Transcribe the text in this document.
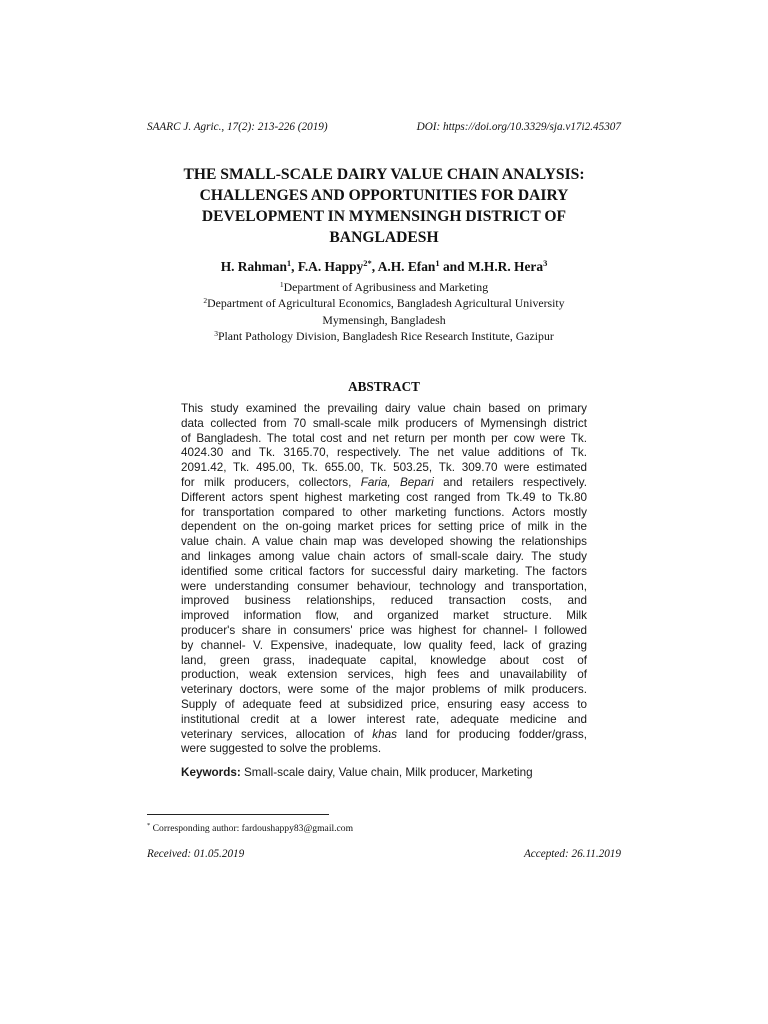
SAARC J. Agric., 17(2): 213-226 (2019)	DOI: https://doi.org/10.3329/sja.v17i2.45307
THE SMALL-SCALE DAIRY VALUE CHAIN ANALYSIS:
CHALLENGES AND OPPORTUNITIES FOR DAIRY
DEVELOPMENT IN MYMENSINGH DISTRICT OF
BANGLADESH
H. Rahman$^1$, F.A. Happy$^{2*}$, A.H. Efan$^1$ and M.H.R. Hera$^3$
$^1$Department of Agribusiness and Marketing
$^2$Department of Agricultural Economics, Bangladesh Agricultural University
Mymensingh, Bangladesh
$^3$Plant Pathology Division, Bangladesh Rice Research Institute, Gazipur
ABSTRACT
This study examined the prevailing dairy value chain based on primary
data collected from 70 small-scale milk producers of Mymensingh district
of Bangladesh. The total cost and net return per month per cow were Tk.
4024.30 and Tk. 3165.70, respectively. The net value additions of Tk.
2091.42, Tk. 495.00, Tk. 655.00, Tk. 503.25, Tk. 309.70 were estimated
for milk producers, collectors, Faria, Bepari and retailers respectively.
Different actors spent highest marketing cost ranged from Tk.49 to Tk.80
for transportation compared to other marketing functions. Actors mostly
dependent on the on-going market prices for setting price of milk in the
value chain. A value chain map was developed showing the relationships
and linkages among value chain actors of small-scale dairy. The study
identified some critical factors for successful dairy marketing. The factors
were understanding consumer behaviour, technology and transportation,
improved business relationships, reduced transaction costs, and
improved information flow, and organized market structure. Milk
producer's share in consumers' price was highest for channel- I followed
by channel- V. Expensive, inadequate, low quality feed, lack of grazing
land, green grass, inadequate capital, knowledge about cost of
production, weak extension services, high fees and unavailability of
veterinary doctors, were some of the major problems of milk producers.
Supply of adequate feed at subsidized price, ensuring easy access to
institutional credit at a lower interest rate, adequate medicine and
veterinary services, allocation of khas land for producing fodder/grass,
were suggested to solve the problems.
Keywords: Small-scale dairy, Value chain, Milk producer, Marketing
* Corresponding author: fardoushappy83@gmail.com
Received: 01.05.2019	Accepted: 26.11.2019
